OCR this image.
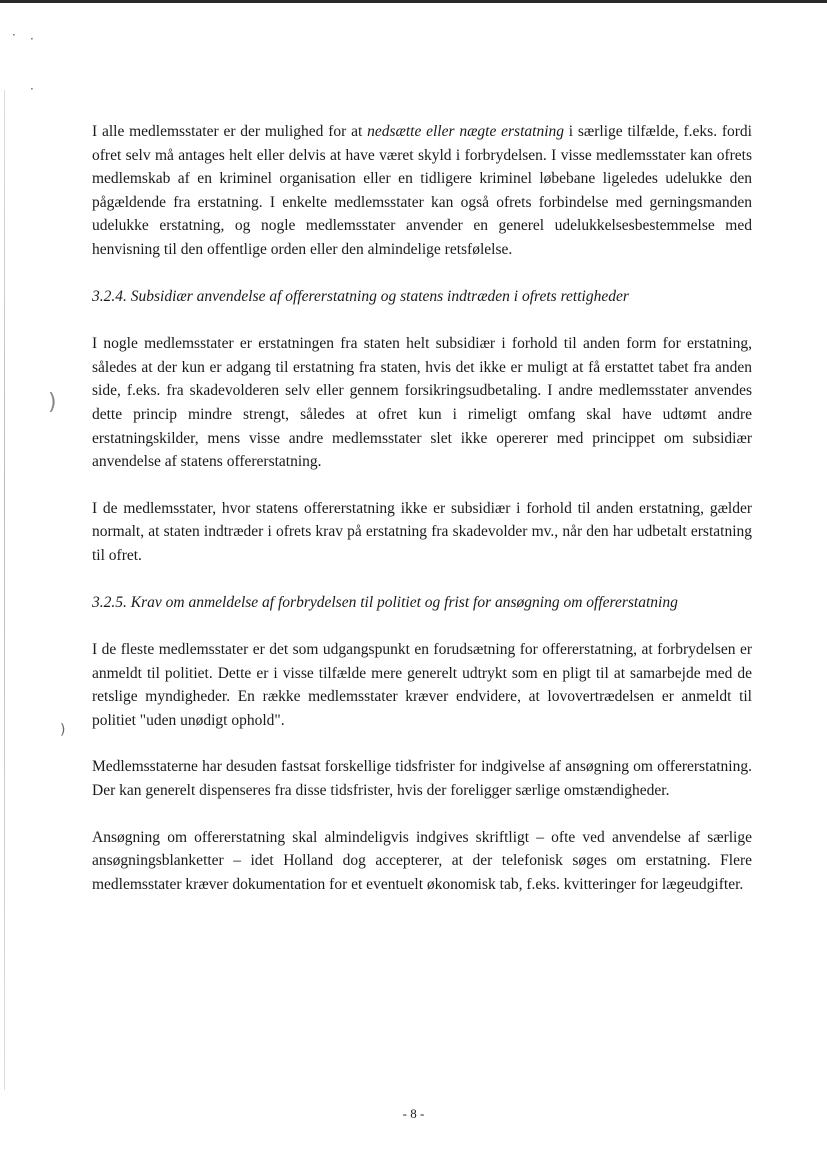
· ·
·
)
)

I alle medlemsstater er der mulighed for at nedsætte eller nægte erstatning i særlige tilfælde, f.eks. fordi ofret selv må antages helt eller delvis at have været skyld i forbrydelsen. I visse medlemsstater kan ofrets medlemskab af en kriminel organisation eller en tidligere kriminel løbebane ligeledes udelukke den pågældende fra erstatning. I enkelte medlemsstater kan også ofrets forbindelse med gerningsmanden udelukke erstatning, og nogle medlemsstater anvender en generel udelukkelsesbestemmelse med henvisning til den offentlige orden eller den almindelige retsfølelse.

3.2.4. Subsidiær anvendelse af offererstatning og statens indtræden i ofrets rettigheder

I nogle medlemsstater er erstatningen fra staten helt subsidiær i forhold til anden form for erstatning, således at der kun er adgang til erstatning fra staten, hvis det ikke er muligt at få erstattet tabet fra anden side, f.eks. fra skadevolderen selv eller gennem forsikringsudbetaling. I andre medlemsstater anvendes dette princip mindre strengt, således at ofret kun i rimeligt omfang skal have udtømt andre erstatningskilder, mens visse andre medlemsstater slet ikke opererer med princippet om subsidiær anvendelse af statens offererstatning.

I de medlemsstater, hvor statens offererstatning ikke er subsidiær i forhold til anden erstatning, gælder normalt, at staten indtræder i ofrets krav på erstatning fra skadevolder mv., når den har udbetalt erstatning til ofret.

3.2.5. Krav om anmeldelse af forbrydelsen til politiet og frist for ansøgning om offererstatning

I de fleste medlemsstater er det som udgangspunkt en forudsætning for offererstatning, at forbrydelsen er anmeldt til politiet. Dette er i visse tilfælde mere generelt udtrykt som en pligt til at samarbejde med de retslige myndigheder. En række medlemsstater kræver endvidere, at lovovertrædelsen er anmeldt til politiet "uden unødigt ophold".

Medlemsstaterne har desuden fastsat forskellige tidsfrister for indgivelse af ansøgning om offererstatning. Der kan generelt dispenseres fra disse tidsfrister, hvis der foreligger særlige omstændigheder.

Ansøgning om offererstatning skal almindeligvis indgives skriftligt – ofte ved anvendelse af særlige ansøgningsblanketter – idet Holland dog accepterer, at der telefonisk søges om erstatning. Flere medlemsstater kræver dokumentation for et eventuelt økonomisk tab, f.eks. kvitteringer for lægeudgifter.

- 8 -
